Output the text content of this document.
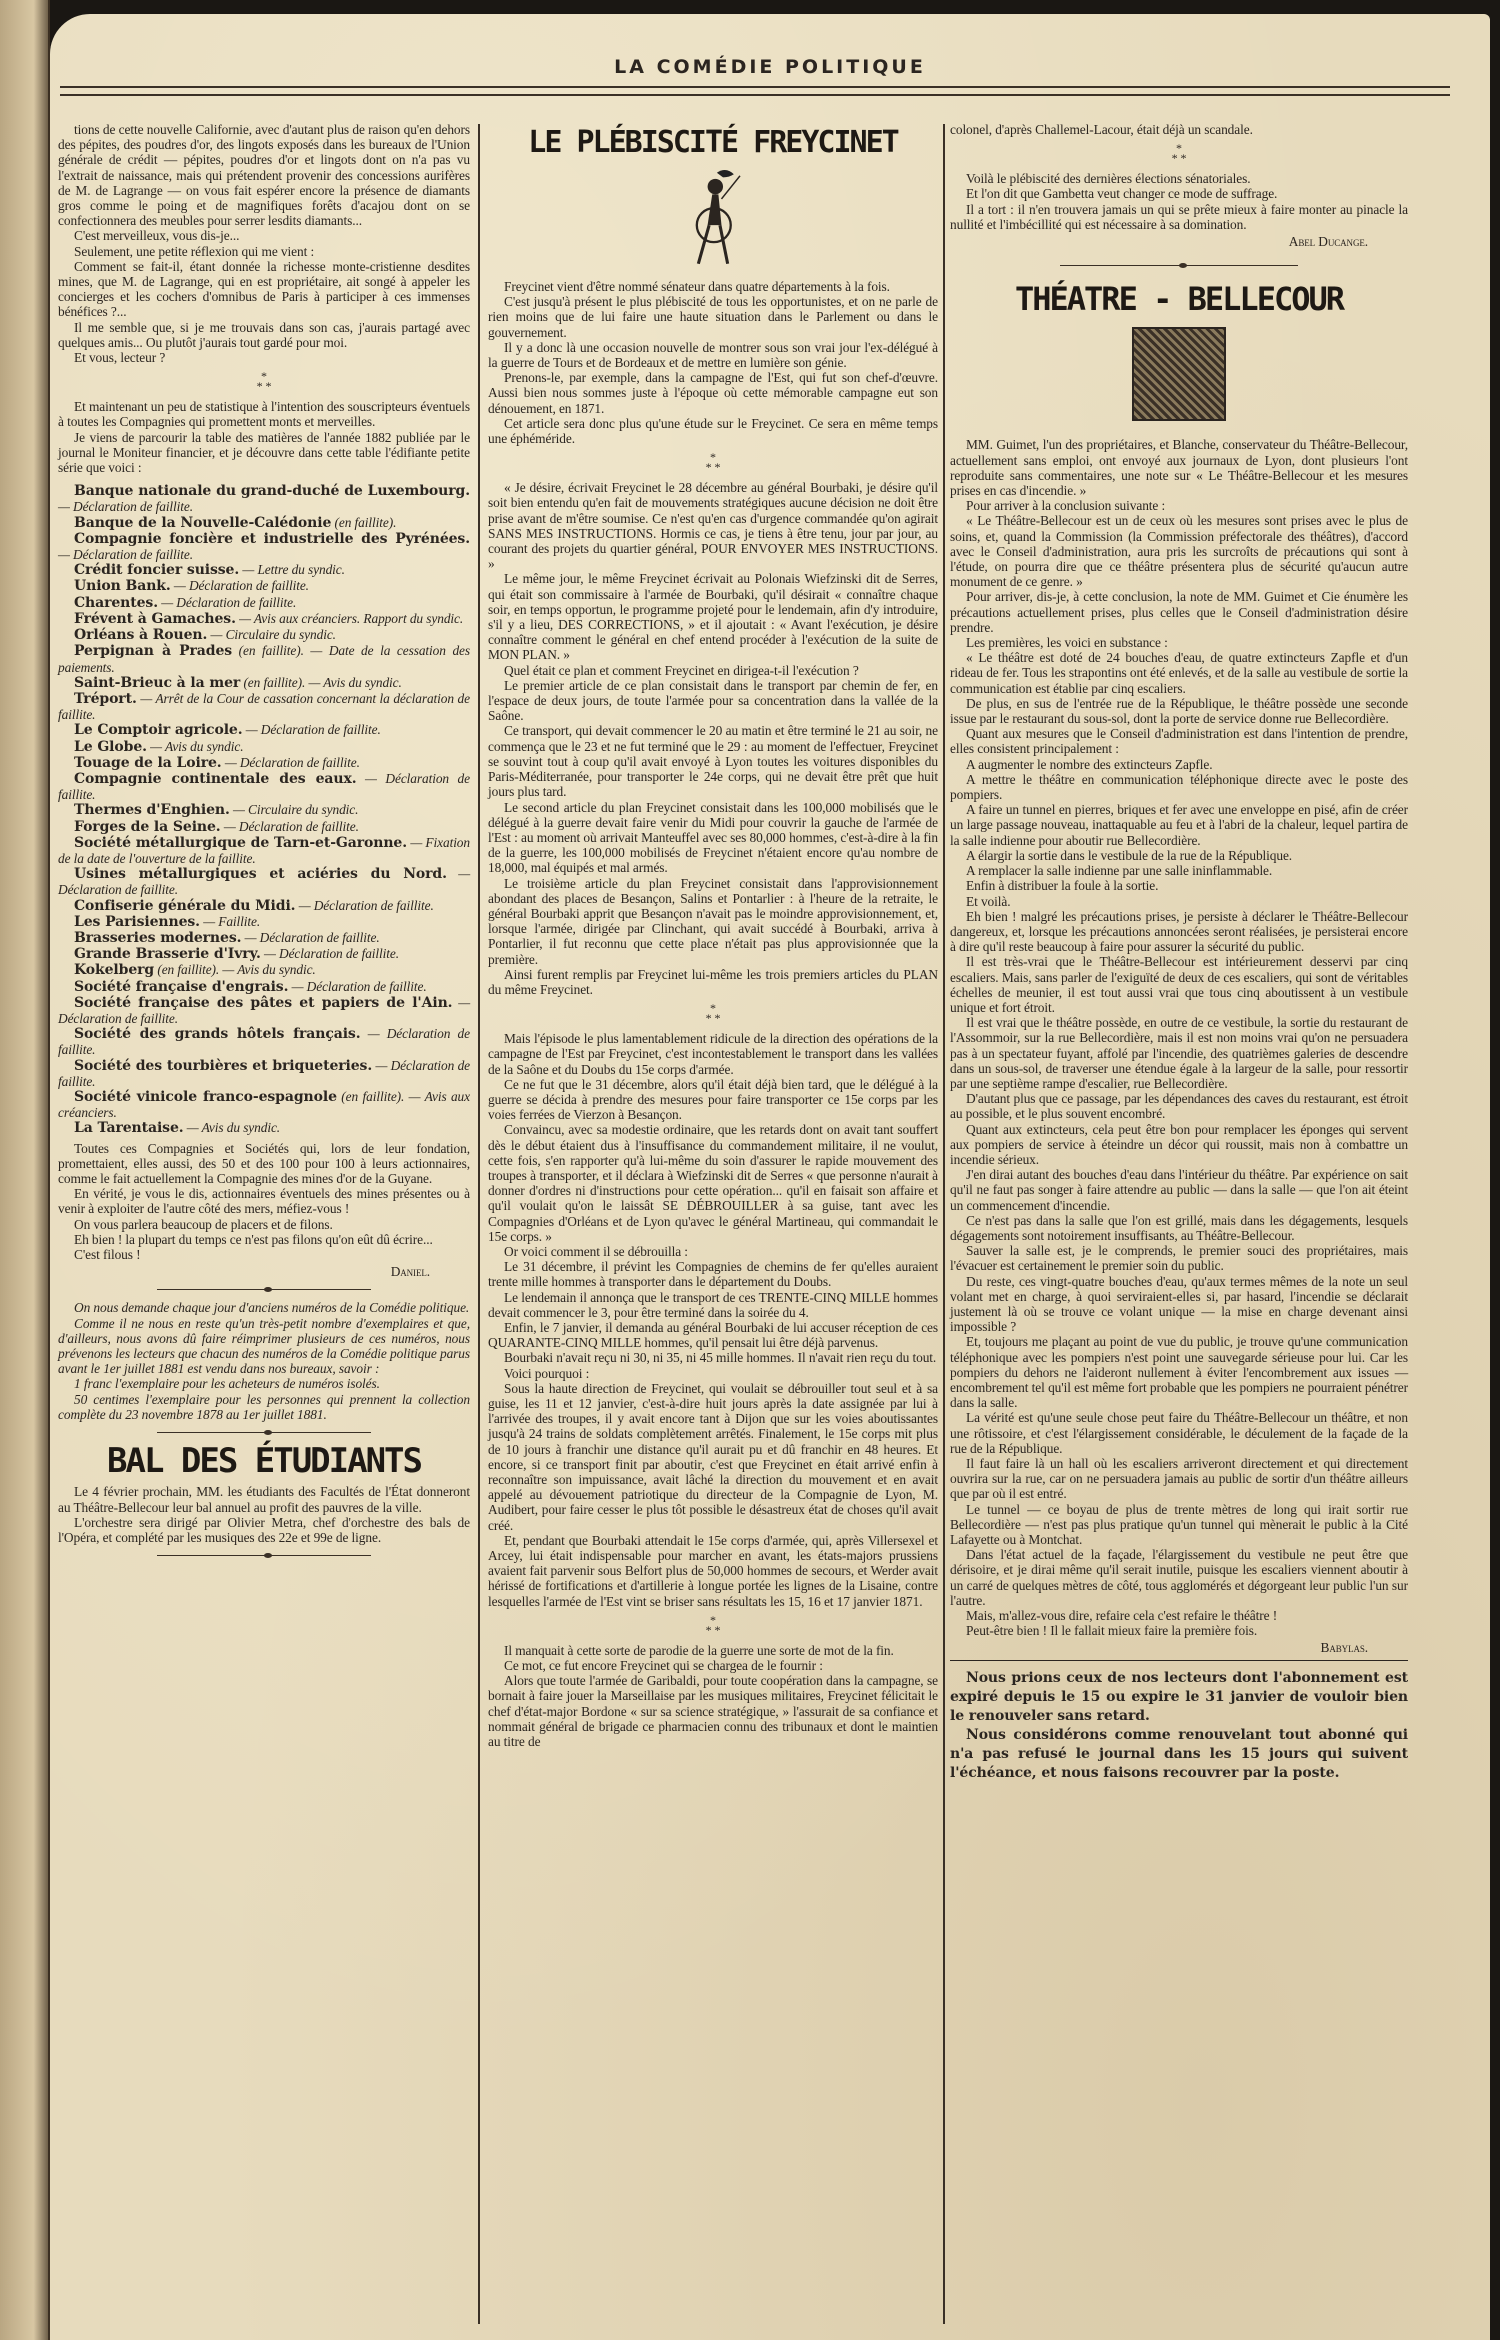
LA COMÉDIE POLITIQUE

tions de cette nouvelle Californie, avec d'autant plus de raison qu'en dehors des pépites, des poudres d'or, des lingots exposés dans les bureaux de l'Union générale de crédit — pépites, poudres d'or et lingots dont on n'a pas vu l'extrait de naissance, mais qui prétendent provenir des concessions aurifères de M. de Lagrange — on vous fait espérer encore la présence de diamants gros comme le poing et de magnifiques forêts d'acajou dont on se confectionnera des meubles pour serrer lesdits diamants...

C'est merveilleux, vous dis-je...

Seulement, une petite réflexion qui me vient :

Comment se fait-il, étant donnée la richesse monte-cristienne desdites mines, que M. de Lagrange, qui en est propriétaire, ait songé à appeler les concierges et les cochers d'omnibus de Paris à participer à ces immenses bénéfices ?...

Il me semble que, si je me trouvais dans son cas, j'aurais partagé avec quelques amis... Ou plutôt j'aurais tout gardé pour moi.

Et vous, lecteur ?

*
* *

Et maintenant un peu de statistique à l'intention des souscripteurs éventuels à toutes les Compagnies qui promettent monts et merveilles.

Je viens de parcourir la table des matières de l'année 1882 publiée par le journal le Moniteur financier, et je découvre dans cette table l'édifiante petite série que voici :

Banque nationale du grand-duché de Luxembourg. — Déclaration de faillite.

Banque de la Nouvelle-Calédonie (en faillite).

Compagnie foncière et industrielle des Pyrénées. — Déclaration de faillite.

Crédit foncier suisse. — Lettre du syndic.

Union Bank. — Déclaration de faillite.

Charentes. — Déclaration de faillite.

Frévent à Gamaches. — Avis aux créanciers. Rapport du syndic.

Orléans à Rouen. — Circulaire du syndic.

Perpignan à Prades (en faillite). — Date de la cessation des paiements.

Saint-Brieuc à la mer (en faillite). — Avis du syndic.

Tréport. — Arrêt de la Cour de cassation concernant la déclaration de faillite.

Le Comptoir agricole. — Déclaration de faillite.

Le Globe. — Avis du syndic.

Touage de la Loire. — Déclaration de faillite.

Compagnie continentale des eaux. — Déclaration de faillite.

Thermes d'Enghien. — Circulaire du syndic.

Forges de la Seine. — Déclaration de faillite.

Société métallurgique de Tarn-et-Garonne. — Fixation de la date de l'ouverture de la faillite.

Usines métallurgiques et aciéries du Nord. — Déclaration de faillite.

Confiserie générale du Midi. — Déclaration de faillite.

Les Parisiennes. — Faillite.

Brasseries modernes. — Déclaration de faillite.

Grande Brasserie d'Ivry. — Déclaration de faillite.

Kokelberg (en faillite). — Avis du syndic.

Société française d'engrais. — Déclaration de faillite.

Société française des pâtes et papiers de l'Ain. — Déclaration de faillite.

Société des grands hôtels français. — Déclaration de faillite.

Société des tourbières et briqueteries. — Déclaration de faillite.

Société vinicole franco-espagnole (en faillite). — Avis aux créanciers.

La Tarentaise. — Avis du syndic.

Toutes ces Compagnies et Sociétés qui, lors de leur fondation, promettaient, elles aussi, des 50 et des 100 pour 100 à leurs actionnaires, comme le fait actuellement la Compagnie des mines d'or de la Guyane.

En vérité, je vous le dis, actionnaires éventuels des mines présentes ou à venir à exploiter de l'autre côté des mers, méfiez-vous !

On vous parlera beaucoup de placers et de filons.

Eh bien ! la plupart du temps ce n'est pas filons qu'on eût dû écrire...

C'est filous !

Daniel.

On nous demande chaque jour d'anciens numéros de la Comédie politique.

Comme il ne nous en reste qu'un très-petit nombre d'exemplaires et que, d'ailleurs, nous avons dû faire réimprimer plusieurs de ces numéros, nous prévenons les lecteurs que chacun des numéros de la Comédie politique parus avant le 1er juillet 1881 est vendu dans nos bureaux, savoir :

1 franc l'exemplaire pour les acheteurs de numéros isolés.

50 centimes l'exemplaire pour les personnes qui prennent la collection complète du 23 novembre 1878 au 1er juillet 1881.

BAL DES ÉTUDIANTS

Le 4 février prochain, MM. les étudiants des Facultés de l'État donneront au Théâtre-Bellecour leur bal annuel au profit des pauvres de la ville.

L'orchestre sera dirigé par Olivier Metra, chef d'orchestre des bals de l'Opéra, et complété par les musiques des 22e et 99e de ligne.

LE PLÉBISCITÉ FREYCINET

Freycinet vient d'être nommé sénateur dans quatre départements à la fois.

C'est jusqu'à présent le plus plébiscité de tous les opportunistes, et on ne parle de rien moins que de lui faire une haute situation dans le Parlement ou dans le gouvernement.

Il y a donc là une occasion nouvelle de montrer sous son vrai jour l'ex-délégué à la guerre de Tours et de Bordeaux et de mettre en lumière son génie.

Prenons-le, par exemple, dans la campagne de l'Est, qui fut son chef-d'œuvre. Aussi bien nous sommes juste à l'époque où cette mémorable campagne eut son dénouement, en 1871.

Cet article sera donc plus qu'une étude sur le Freycinet. Ce sera en même temps une éphéméride.

*
* *

« Je désire, écrivait Freycinet le 28 décembre au général Bourbaki, je désire qu'il soit bien entendu qu'en fait de mouvements stratégiques aucune décision ne doit être prise avant de m'être soumise. Ce n'est qu'en cas d'urgence commandée qu'on agirait SANS MES INSTRUCTIONS. Hormis ce cas, je tiens à être tenu, jour par jour, au courant des projets du quartier général, POUR ENVOYER MES INSTRUCTIONS. »

Le même jour, le même Freycinet écrivait au Polonais Wiefzinski dit de Serres, qui était son commissaire à l'armée de Bourbaki, qu'il désirait « connaître chaque soir, en temps opportun, le programme projeté pour le lendemain, afin d'y introduire, s'il y a lieu, DES CORRECTIONS, » et il ajoutait : « Avant l'exécution, je désire connaître comment le général en chef entend procéder à l'exécution de la suite de MON PLAN. »

Quel était ce plan et comment Freycinet en dirigea-t-il l'exécution ?

Le premier article de ce plan consistait dans le transport par chemin de fer, en l'espace de deux jours, de toute l'armée pour sa concentration dans la vallée de la Saône.

Ce transport, qui devait commencer le 20 au matin et être terminé le 21 au soir, ne commença que le 23 et ne fut terminé que le 29 : au moment de l'effectuer, Freycinet se souvint tout à coup qu'il avait envoyé à Lyon toutes les voitures disponibles du Paris-Méditerranée, pour transporter le 24e corps, qui ne devait être prêt que huit jours plus tard.

Le second article du plan Freycinet consistait dans les 100,000 mobilisés que le délégué à la guerre devait faire venir du Midi pour couvrir la gauche de l'armée de l'Est : au moment où arrivait Manteuffel avec ses 80,000 hommes, c'est-à-dire à la fin de la guerre, les 100,000 mobilisés de Freycinet n'étaient encore qu'au nombre de 18,000, mal équipés et mal armés.

Le troisième article du plan Freycinet consistait dans l'approvisionnement abondant des places de Besançon, Salins et Pontarlier : à l'heure de la retraite, le général Bourbaki apprit que Besançon n'avait pas le moindre approvisionnement, et, lorsque l'armée, dirigée par Clinchant, qui avait succédé à Bourbaki, arriva à Pontarlier, il fut reconnu que cette place n'était pas plus approvisionnée que la première.

Ainsi furent remplis par Freycinet lui-même les trois premiers articles du PLAN du même Freycinet.

*
* *

Mais l'épisode le plus lamentablement ridicule de la direction des opérations de la campagne de l'Est par Freycinet, c'est incontestablement le transport dans les vallées de la Saône et du Doubs du 15e corps d'armée.

Ce ne fut que le 31 décembre, alors qu'il était déjà bien tard, que le délégué à la guerre se décida à prendre des mesures pour faire transporter ce 15e corps par les voies ferrées de Vierzon à Besançon.

Convaincu, avec sa modestie ordinaire, que les retards dont on avait tant souffert dès le début étaient dus à l'insuffisance du commandement militaire, il ne voulut, cette fois, s'en rapporter qu'à lui-même du soin d'assurer le rapide mouvement des troupes à transporter, et il déclara à Wiefzinski dit de Serres « que personne n'aurait à donner d'ordres ni d'instructions pour cette opération... qu'il en faisait son affaire et qu'il voulait qu'on le laissât SE DÉBROUILLER à sa guise, tant avec les Compagnies d'Orléans et de Lyon qu'avec le général Martineau, qui commandait le 15e corps. »

Or voici comment il se débrouilla :

Le 31 décembre, il prévint les Compagnies de chemins de fer qu'elles auraient trente mille hommes à transporter dans le département du Doubs.

Le lendemain il annonça que le transport de ces TRENTE-CINQ MILLE hommes devait commencer le 3, pour être terminé dans la soirée du 4.

Enfin, le 7 janvier, il demanda au général Bourbaki de lui accuser réception de ces QUARANTE-CINQ MILLE hommes, qu'il pensait lui être déjà parvenus.

Bourbaki n'avait reçu ni 30, ni 35, ni 45 mille hommes. Il n'avait rien reçu du tout.

Voici pourquoi :

Sous la haute direction de Freycinet, qui voulait se débrouiller tout seul et à sa guise, les 11 et 12 janvier, c'est-à-dire huit jours après la date assignée par lui à l'arrivée des troupes, il y avait encore tant à Dijon que sur les voies aboutissantes jusqu'à 24 trains de soldats complètement arrêtés. Finalement, le 15e corps mit plus de 10 jours à franchir une distance qu'il aurait pu et dû franchir en 48 heures. Et encore, si ce transport finit par aboutir, c'est que Freycinet en était arrivé enfin à reconnaître son impuissance, avait lâché la direction du mouvement et en avait appelé au dévouement patriotique du directeur de la Compagnie de Lyon, M. Audibert, pour faire cesser le plus tôt possible le désastreux état de choses qu'il avait créé.

Et, pendant que Bourbaki attendait le 15e corps d'armée, qui, après Villersexel et Arcey, lui était indispensable pour marcher en avant, les états-majors prussiens avaient fait parvenir sous Belfort plus de 50,000 hommes de secours, et Werder avait hérissé de fortifications et d'artillerie à longue portée les lignes de la Lisaine, contre lesquelles l'armée de l'Est vint se briser sans résultats les 15, 16 et 17 janvier 1871.

*
* *

Il manquait à cette sorte de parodie de la guerre une sorte de mot de la fin.

Ce mot, ce fut encore Freycinet qui se chargea de le fournir :

Alors que toute l'armée de Garibaldi, pour toute coopération dans la campagne, se bornait à faire jouer la Marseillaise par les musiques militaires, Freycinet félicitait le chef d'état-major Bordone « sur sa science stratégique, » l'assurait de sa confiance et nommait général de brigade ce pharmacien connu des tribunaux et dont le maintien au titre de

colonel, d'après Challemel-Lacour, était déjà un scandale.

*
* *

Voilà le plébiscité des dernières élections sénatoriales.

Et l'on dit que Gambetta veut changer ce mode de suffrage.

Il a tort : il n'en trouvera jamais un qui se prête mieux à faire monter au pinacle la nullité et l'imbécillité qui est nécessaire à sa domination.

Abel Ducange.
THÉATRE - BELLECOUR

MM. Guimet, l'un des propriétaires, et Blanche, conservateur du Théâtre-Bellecour, actuellement sans emploi, ont envoyé aux journaux de Lyon, dont plusieurs l'ont reproduite sans commentaires, une note sur « Le Théâtre-Bellecour et les mesures prises en cas d'incendie. »

Pour arriver à la conclusion suivante :

« Le Théâtre-Bellecour est un de ceux où les mesures sont prises avec le plus de soins, et, quand la Commission (la Commission préfectorale des théâtres), d'accord avec le Conseil d'administration, aura pris les surcroîts de précautions qui sont à l'étude, on pourra dire que ce théâtre présentera plus de sécurité qu'aucun autre monument de ce genre. »

Pour arriver, dis-je, à cette conclusion, la note de MM. Guimet et Cie énumère les précautions actuellement prises, plus celles que le Conseil d'administration désire prendre.

Les premières, les voici en substance :

« Le théâtre est doté de 24 bouches d'eau, de quatre extincteurs Zapfle et d'un rideau de fer. Tous les strapontins ont été enlevés, et de la salle au vestibule de sortie la communication est établie par cinq escaliers.

De plus, en sus de l'entrée rue de la République, le théâtre possède une seconde issue par le restaurant du sous-sol, dont la porte de service donne rue Bellecordière.

Quant aux mesures que le Conseil d'administration est dans l'intention de prendre, elles consistent principalement :

A augmenter le nombre des extincteurs Zapfle.

A mettre le théâtre en communication téléphonique directe avec le poste des pompiers.

A faire un tunnel en pierres, briques et fer avec une enveloppe en pisé, afin de créer un large passage nouveau, inattaquable au feu et à l'abri de la chaleur, lequel partira de la salle indienne pour aboutir rue Bellecordière.

A élargir la sortie dans le vestibule de la rue de la République.

A remplacer la salle indienne par une salle ininflammable.

Enfin à distribuer la foule à la sortie.

Et voilà.

Eh bien ! malgré les précautions prises, je persiste à déclarer le Théâtre-Bellecour dangereux, et, lorsque les précautions annoncées seront réalisées, je persisterai encore à dire qu'il reste beaucoup à faire pour assurer la sécurité du public.

Il est très-vrai que le Théâtre-Bellecour est intérieurement desservi par cinq escaliers. Mais, sans parler de l'exiguïté de deux de ces escaliers, qui sont de véritables échelles de meunier, il est tout aussi vrai que tous cinq aboutissent à un vestibule unique et fort étroit.

Il est vrai que le théâtre possède, en outre de ce vestibule, la sortie du restaurant de l'Assommoir, sur la rue Bellecordière, mais il est non moins vrai qu'on ne persuadera pas à un spectateur fuyant, affolé par l'incendie, des quatrièmes galeries de descendre dans un sous-sol, de traverser une étendue égale à la largeur de la salle, pour ressortir par une septième rampe d'escalier, rue Bellecordière.

D'autant plus que ce passage, par les dépendances des caves du restaurant, est étroit au possible, et le plus souvent encombré.

Quant aux extincteurs, cela peut être bon pour remplacer les éponges qui servent aux pompiers de service à éteindre un décor qui roussit, mais non à combattre un incendie sérieux.

J'en dirai autant des bouches d'eau dans l'intérieur du théâtre. Par expérience on sait qu'il ne faut pas songer à faire attendre au public — dans la salle — que l'on ait éteint un commencement d'incendie.

Ce n'est pas dans la salle que l'on est grillé, mais dans les dégagements, lesquels dégagements sont notoirement insuffisants, au Théâtre-Bellecour.

Sauver la salle est, je le comprends, le premier souci des propriétaires, mais l'évacuer est certainement le premier soin du public.

Du reste, ces vingt-quatre bouches d'eau, qu'aux termes mêmes de la note un seul volant met en charge, à quoi serviraient-elles si, par hasard, l'incendie se déclarait justement là où se trouve ce volant unique — la mise en charge devenant ainsi impossible ?

Et, toujours me plaçant au point de vue du public, je trouve qu'une communication téléphonique avec les pompiers n'est point une sauvegarde sérieuse pour lui. Car les pompiers du dehors ne l'aideront nullement à éviter l'encombrement aux issues — encombrement tel qu'il est même fort probable que les pompiers ne pourraient pénétrer dans la salle.

La vérité est qu'une seule chose peut faire du Théâtre-Bellecour un théâtre, et non une rôtissoire, et c'est l'élargissement considérable, le déculement de la façade de la rue de la République.

Il faut faire là un hall où les escaliers arriveront directement et qui directement ouvrira sur la rue, car on ne persuadera jamais au public de sortir d'un théâtre ailleurs que par où il est entré.

Le tunnel — ce boyau de plus de trente mètres de long qui irait sortir rue Bellecordière — n'est pas plus pratique qu'un tunnel qui mènerait le public à la Cité Lafayette ou à Montchat.

Dans l'état actuel de la façade, l'élargissement du vestibule ne peut être que dérisoire, et je dirai même qu'il serait inutile, puisque les escaliers viennent aboutir à un carré de quelques mètres de côté, tous agglomérés et dégorgeant leur public l'un sur l'autre.

Mais, m'allez-vous dire, refaire cela c'est refaire le théâtre !

Peut-être bien ! Il le fallait mieux faire la première fois.

Babylas.

Nous prions ceux de nos lecteurs dont l'abonnement est expiré depuis le 15 ou expire le 31 janvier de vouloir bien le renouveler sans retard.

Nous considérons comme renouvelant tout abonné qui n'a pas refusé le journal dans les 15 jours qui suivent l'échéance, et nous faisons recouvrer par la poste.
